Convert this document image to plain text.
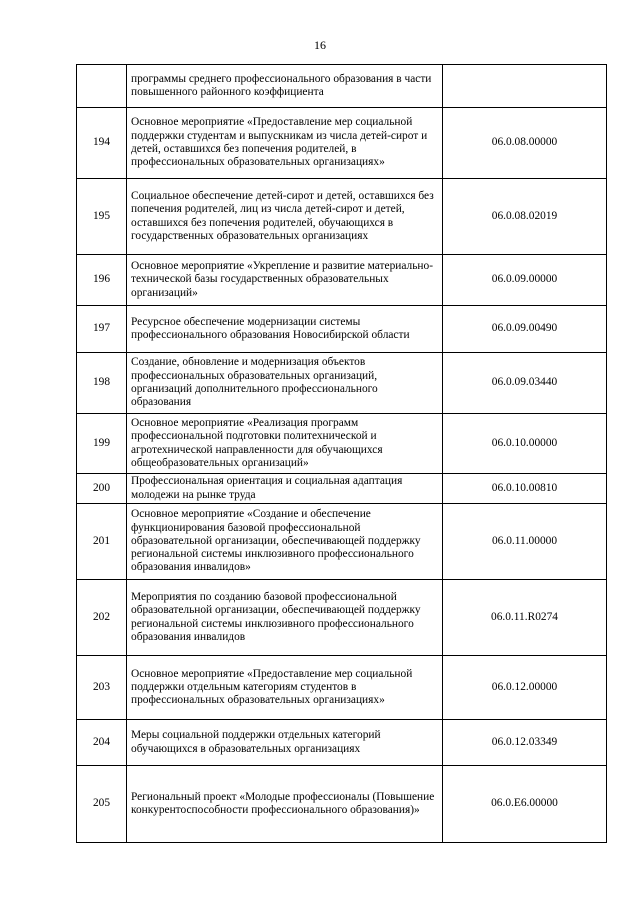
16

	программы среднего профессионального образования в части повышенного районного коэффициента	

194	Основное мероприятие «Предоставление мер социальной поддержки студентам и выпускникам из числа детей-сирот и детей, оставшихся без попечения родителей, в профессиональных образовательных организациях»	06.0.08.00000
195	Социальное обеспечение детей-сирот и детей, оставшихся без попечения родителей, лиц из числа детей-сирот и детей, оставшихся без попечения родителей, обучающихся в государственных образовательных организациях	06.0.08.02019
196	Основное мероприятие «Укрепление и развитие материально-технической базы государственных образовательных организаций»	06.0.09.00000
197	Ресурсное обеспечение модернизации системы профессионального образования Новосибирской области	06.0.09.00490
198	Создание, обновление и модернизация объектов профессиональных образовательных организаций, организаций дополнительного профессионального образования	06.0.09.03440
199	Основное мероприятие «Реализация программ профессиональной подготовки политехнической и агротехнической направленности для обучающихся общеобразовательных организаций»	06.0.10.00000
200	Профессиональная ориентация и социальная адаптация молодежи на рынке труда	06.0.10.00810
201	Основное мероприятие «Создание и обеспечение функционирования базовой профессиональной образовательной организации, обеспечивающей поддержку региональной системы инклюзивного профессионального образования инвалидов»	06.0.11.00000
202	Мероприятия по созданию базовой профессиональной образовательной организации, обеспечивающей поддержку региональной системы инклюзивного профессионального образования инвалидов	06.0.11.R0274
203	Основное мероприятие «Предоставление мер социальной поддержки отдельным категориям студентов в профессиональных образовательных организациях»	06.0.12.00000
204	Меры социальной поддержки отдельных категорий обучающихся в образовательных организациях	06.0.12.03349
205	Региональный проект «Молодые профессионалы (Повышение конкурентоспособности профессионального образования)»	06.0.E6.00000
